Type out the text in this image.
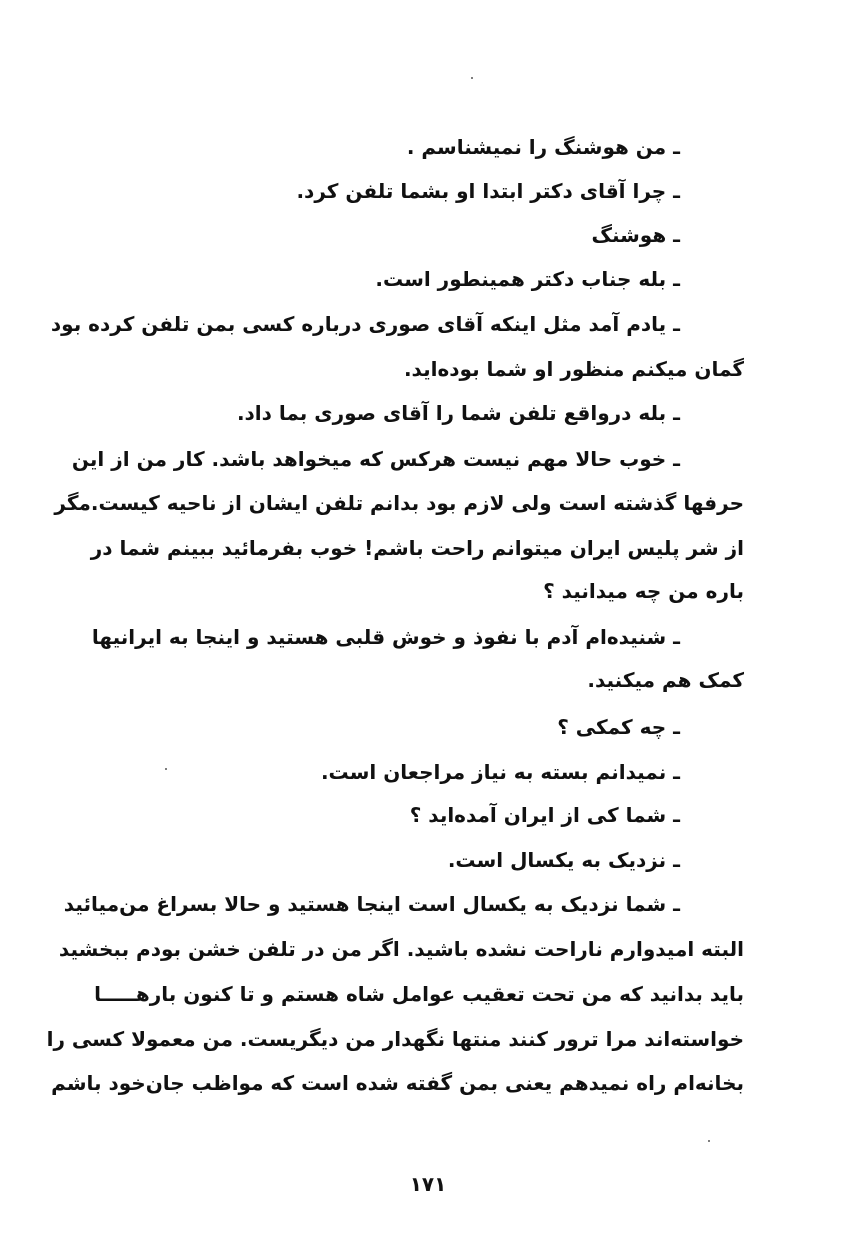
ـ من هوشنگ را نمیشناسم .
ـ چرا آقای دکتر ابتدا او بشما تلفن کرد.
ـ هوشنگ
ـ بله جناب دکتر همینطور است.
ـ یادم آمد مثل اینکه آقای صوری درباره کسی بمن تلفن کرده بود
گمان میکنم منظور او شما بوده‌اید.
ـ بله درواقع تلفن شما را آقای صوری بما داد.
ـ خوب حالا مهم نیست هرکس که میخواهد باشد. کار من از این
حرفها گذشته است ولی لازم بود بدانم تلفن ایشان از ناحیه کیست.مگر
از شر پلیس ایران میتوانم راحت باشم! خوب بفرمائید ببینم شما در
باره من چه میدانید ؟
ـ شنیده‌ام آدم با نفوذ و خوش قلبی هستید و اینجا به ایرانیها
کمک هم میکنید.
ـ چه کمکی ؟
ـ نمیدانم بسته به نیاز مراجعان است.
ـ شما کی از ایران آمده‌اید ؟
ـ نزدیک به یکسال است.
ـ شما نزدیک به یکسال است اینجا هستید و حالا بسراغ من‌میائید
البته امیدوارم ناراحت نشده باشید. اگر من در تلفن خشن بودم ببخشید
باید بدانید که من تحت تعقیب عوامل شاه هستم و تا کنون بارهـــــا
خواسته‌اند مرا ترور کنند منتها نگهدار من دیگریست. من معمولا کسی را
بخانه‌ام راه نمیدهم یعنی بمن گفته شده است که مواظب جان‌خود باشم
۱۷۱
